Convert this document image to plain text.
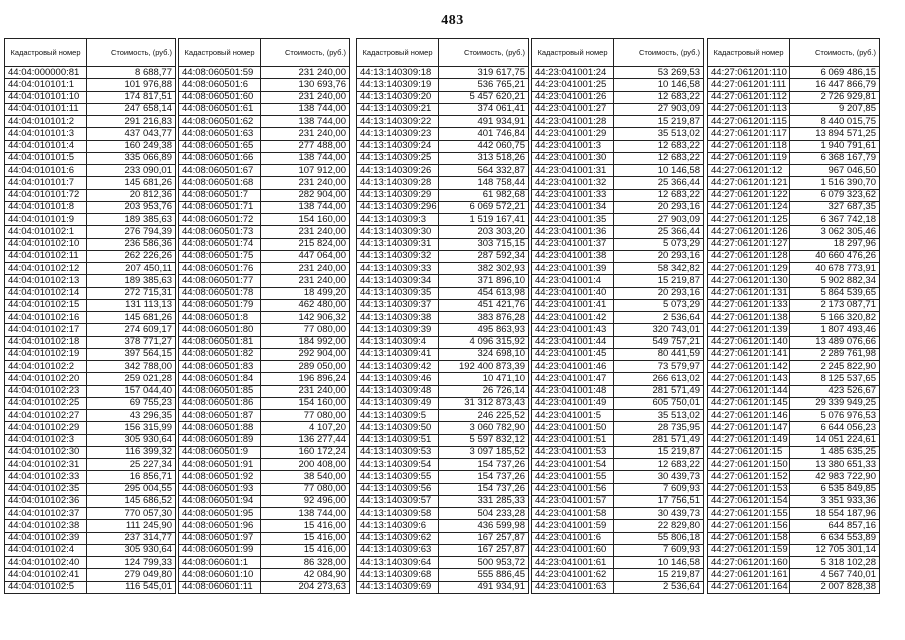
483
Кадастровый номер	Стоимость, (руб.)
44:04:000000:81	8 688,77
44:04:010101:1	101 976,88
44:04:010101:10	174 817,51
44:04:010101:11	247 658,14
44:04:010101:2	291 216,83
44:04:010101:3	437 043,77
44:04:010101:4	160 249,38
44:04:010101:5	335 066,89
44:04:010101:6	233 090,01
44:04:010101:7	145 681,26
44:04:010101:72	20 812,36
44:04:010101:8	203 953,76
44:04:010101:9	189 385,63
44:04:010102:1	276 794,39
44:04:010102:10	236 586,36
44:04:010102:11	262 226,26
44:04:010102:12	207 450,11
44:04:010102:13	189 385,63
44:04:010102:14	272 715,31
44:04:010102:15	131 113,13
44:04:010102:16	145 681,26
44:04:010102:17	274 609,17
44:04:010102:18	378 771,27
44:04:010102:19	397 564,15
44:04:010102:2	342 788,00
44:04:010102:20	259 021,28
44:04:010102:23	157 044,40
44:04:010102:25	69 755,23
44:04:010102:27	43 296,35
44:04:010102:29	156 315,99
44:04:010102:3	305 930,64
44:04:010102:30	116 399,32
44:04:010102:31	25 227,34
44:04:010102:33	16 856,71
44:04:010102:35	295 004,55
44:04:010102:36	145 686,52
44:04:010102:37	770 057,30
44:04:010102:38	111 245,90
44:04:010102:39	237 314,77
44:04:010102:4	305 930,64
44:04:010102:40	124 799,33
44:04:010102:41	279 049,80
44:04:010102:5	116 545,01
Кадастровый номер	Стоимость, (руб.)
44:08:060501:59	231 240,00
44:08:060501:6	130 693,76
44:08:060501:60	231 240,00
44:08:060501:61	138 744,00
44:08:060501:62	138 744,00
44:08:060501:63	231 240,00
44:08:060501:65	277 488,00
44:08:060501:66	138 744,00
44:08:060501:67	107 912,00
44:08:060501:68	231 240,00
44:08:060501:7	282 904,00
44:08:060501:71	138 744,00
44:08:060501:72	154 160,00
44:08:060501:73	231 240,00
44:08:060501:74	215 824,00
44:08:060501:75	447 064,00
44:08:060501:76	231 240,00
44:08:060501:77	231 240,00
44:08:060501:78	18 499,20
44:08:060501:79	462 480,00
44:08:060501:8	142 906,32
44:08:060501:80	77 080,00
44:08:060501:81	184 992,00
44:08:060501:82	292 904,00
44:08:060501:83	289 050,00
44:08:060501:84	196 896,24
44:08:060501:85	231 240,00
44:08:060501:86	154 160,00
44:08:060501:87	77 080,00
44:08:060501:88	4 107,20
44:08:060501:89	136 277,44
44:08:060501:9	160 172,24
44:08:060501:91	200 408,00
44:08:060501:92	38 540,00
44:08:060501:93	77 080,00
44:08:060501:94	92 496,00
44:08:060501:95	138 744,00
44:08:060501:96	15 416,00
44:08:060501:97	15 416,00
44:08:060501:99	15 416,00
44:08:060601:1	86 328,00
44:08:060601:10	42 084,90
44:08:060601:11	204 273,63
Кадастровый номер	Стоимость, (руб.)
44:13:140309:18	319 617,75
44:13:140309:19	536 765,21
44:13:140309:20	5 457 620,21
44:13:140309:21	374 061,41
44:13:140309:22	491 934,91
44:13:140309:23	401 746,84
44:13:140309:24	442 060,75
44:13:140309:25	313 518,26
44:13:140309:26	564 332,87
44:13:140309:28	148 758,44
44:13:140309:29	61 982,68
44:13:140309:296	6 069 572,21
44:13:140309:3	1 519 167,41
44:13:140309:30	203 303,20
44:13:140309:31	303 715,15
44:13:140309:32	287 592,34
44:13:140309:33	382 302,93
44:13:140309:34	371 896,10
44:13:140309:35	454 613,98
44:13:140309:37	451 421,76
44:13:140309:38	383 876,28
44:13:140309:39	495 863,93
44:13:140309:4	4 096 315,92
44:13:140309:41	324 698,10
44:13:140309:42	192 400 873,39
44:13:140309:46	10 471,10
44:13:140309:48	26 726,14
44:13:140309:49	31 312 873,43
44:13:140309:5	246 225,52
44:13:140309:50	3 060 782,90
44:13:140309:51	5 597 832,12
44:13:140309:53	3 097 185,52
44:13:140309:54	154 737,26
44:13:140309:55	154 737,26
44:13:140309:56	154 737,26
44:13:140309:57	331 285,33
44:13:140309:58	504 233,28
44:13:140309:6	436 599,98
44:13:140309:62	167 257,87
44:13:140309:63	167 257,87
44:13:140309:64	500 953,72
44:13:140309:68	555 886,45
44:13:140309:69	491 934,91
Кадастровый номер	Стоимость, (руб.)
44:23:041001:24	53 269,53
44:23:041001:25	10 146,58
44:23:041001:26	12 683,22
44:23:041001:27	27 903,09
44:23:041001:28	15 219,87
44:23:041001:29	35 513,02
44:23:041001:3	12 683,22
44:23:041001:30	12 683,22
44:23:041001:31	10 146,58
44:23:041001:32	25 366,44
44:23:041001:33	12 683,22
44:23:041001:34	20 293,16
44:23:041001:35	27 903,09
44:23:041001:36	25 366,44
44:23:041001:37	5 073,29
44:23:041001:38	20 293,16
44:23:041001:39	58 342,82
44:23:041001:4	15 219,87
44:23:041001:40	20 293,16
44:23:041001:41	5 073,29
44:23:041001:42	2 536,64
44:23:041001:43	320 743,01
44:23:041001:44	549 757,21
44:23:041001:45	80 441,59
44:23:041001:46	73 579,97
44:23:041001:47	266 613,02
44:23:041001:48	281 571,49
44:23:041001:49	605 750,01
44:23:041001:5	35 513,02
44:23:041001:50	28 735,95
44:23:041001:51	281 571,49
44:23:041001:53	15 219,87
44:23:041001:54	12 683,22
44:23:041001:55	30 439,73
44:23:041001:56	7 609,93
44:23:041001:57	17 756,51
44:23:041001:58	30 439,73
44:23:041001:59	22 829,80
44:23:041001:6	55 806,18
44:23:041001:60	7 609,93
44:23:041001:61	10 146,58
44:23:041001:62	15 219,87
44:23:041001:63	2 536,64
Кадастровый номер	Стоимость, (руб.)
44:27:061201:110	6 069 486,15
44:27:061201:111	16 447 866,79
44:27:061201:112	2 726 929,81
44:27:061201:113	9 207,85
44:27:061201:115	8 440 015,75
44:27:061201:117	13 894 571,25
44:27:061201:118	1 940 791,61
44:27:061201:119	6 368 167,79
44:27:061201:12	967 046,50
44:27:061201:121	1 516 390,70
44:27:061201:122	6 079 323,62
44:27:061201:124	327 687,35
44:27:061201:125	6 367 742,18
44:27:061201:126	3 062 305,46
44:27:061201:127	18 297,96
44:27:061201:128	40 660 476,26
44:27:061201:129	40 678 773,91
44:27:061201:130	5 902 882,34
44:27:061201:131	5 864 539,65
44:27:061201:133	2 173 087,71
44:27:061201:138	5 166 320,82
44:27:061201:139	1 807 493,46
44:27:061201:140	13 489 076,66
44:27:061201:141	2 289 761,98
44:27:061201:142	2 245 822,90
44:27:061201:143	8 125 537,65
44:27:061201:144	423 526,67
44:27:061201:145	29 339 949,25
44:27:061201:146	5 076 976,53
44:27:061201:147	6 644 056,23
44:27:061201:149	14 051 224,61
44:27:061201:15	1 485 635,25
44:27:061201:150	13 380 651,33
44:27:061201:152	42 983 722,90
44:27:061201:153	6 535 849,85
44:27:061201:154	3 351 933,36
44:27:061201:155	18 554 187,96
44:27:061201:156	644 857,16
44:27:061201:158	6 634 553,89
44:27:061201:159	12 705 301,14
44:27:061201:160	5 318 102,28
44:27:061201:161	4 567 740,01
44:27:061201:164	2 007 828,38
